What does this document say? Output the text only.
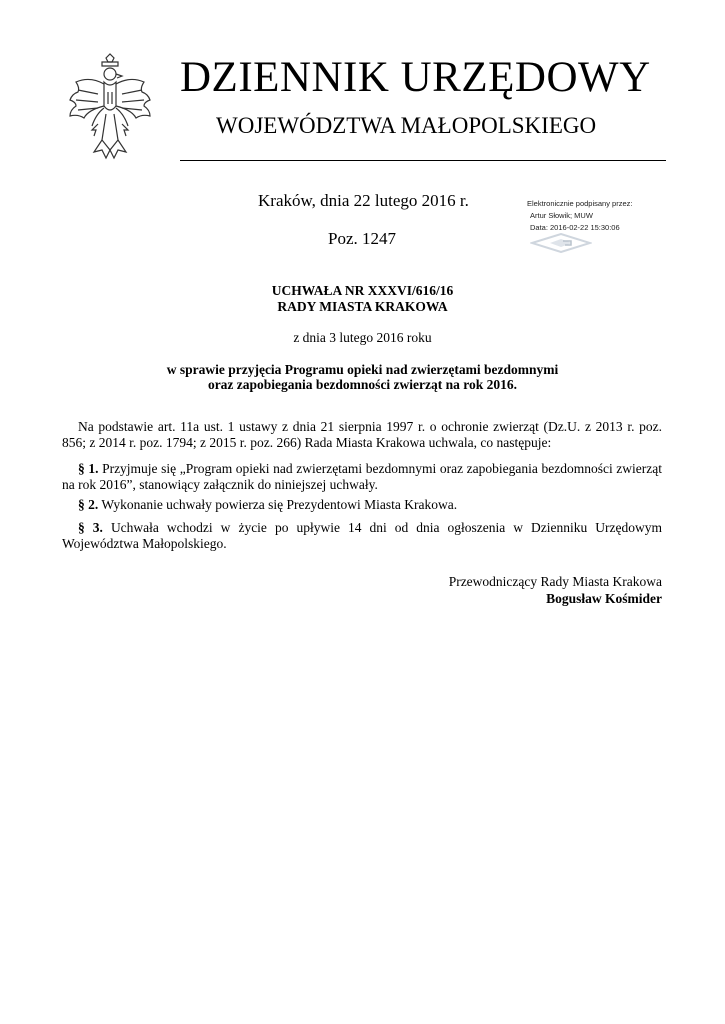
DZIENNIK URZĘDOWY
WOJEWÓDZTWA MAŁOPOLSKIEGO
Kraków, dnia 22 lutego 2016 r.
Poz. 1247
Elektronicznie podpisany przez:
Artur Słowik; MUW
Data: 2016-02-22 15:30:06
UCHWAŁA NR XXXVI/616/16
RADY MIASTA KRAKOWA
z dnia 3 lutego 2016 roku
w sprawie przyjęcia Programu opieki nad zwierzętami bezdomnymi
oraz zapobiegania bezdomności zwierząt na rok 2016.
Na podstawie art. 11a ust. 1 ustawy z dnia 21 sierpnia 1997 r. o ochronie zwierząt (Dz.U. z 2013 r. poz. 856; z 2014 r. poz. 1794; z 2015 r. poz. 266) Rada Miasta Krakowa uchwala, co następuje:
§ 1. Przyjmuje się „Program opieki nad zwierzętami bezdomnymi oraz zapobiegania bezdomności zwierząt na rok 2016”, stanowiący załącznik do niniejszej uchwały.
§ 2. Wykonanie uchwały powierza się Prezydentowi Miasta Krakowa.
§ 3. Uchwała wchodzi w życie po upływie 14 dni od dnia ogłoszenia w Dzienniku Urzędowym Województwa Małopolskiego.
Przewodniczący Rady Miasta Krakowa
Bogusław Kośmider
